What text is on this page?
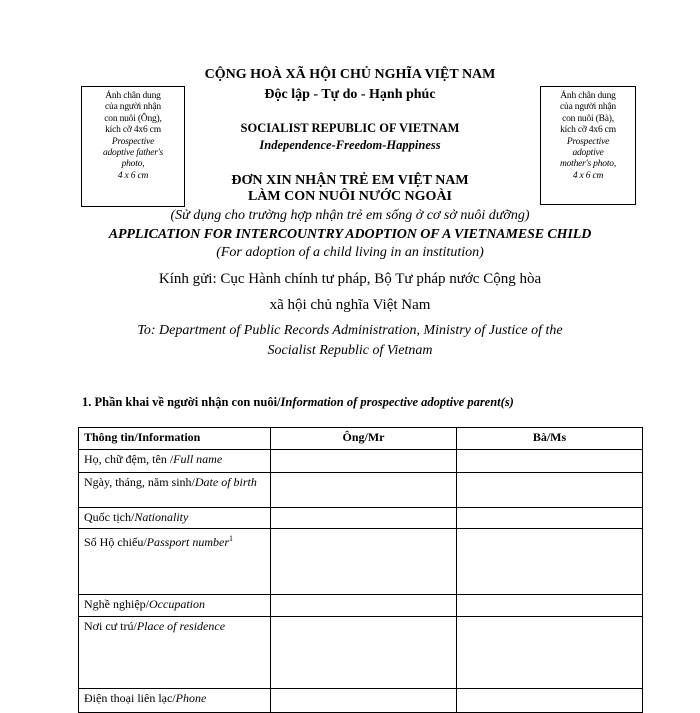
CỘNG HOÀ XÃ HỘI CHỦ NGHĨA VIỆT NAM
Độc lập - Tự do - Hạnh phúc
SOCIALIST REPUBLIC OF VIETNAM
Independence-Freedom-Happiness
Ảnh chân dung
của người nhận
con nuôi (Ông),
kích cỡ 4x6 cm
Prospective
adoptive father's
photo,
4 x 6 cm
Ảnh chân dung
của người nhận
con nuôi (Bà),
kích cỡ 4x6 cm
Prospective
adoptive
mother's photo,
4 x 6 cm
ĐƠN XIN NHẬN TRẺ EM VIỆT NAM
LÀM CON NUÔI NƯỚC NGOÀI
(Sử dụng cho trường hợp nhận trẻ em sống ở cơ sở nuôi dưỡng)
APPLICATION FOR INTERCOUNTRY ADOPTION OF A VIETNAMESE CHILD
(For adoption of a child living in an institution)
Kính gửi: Cục Hành chính tư pháp, Bộ Tư pháp nước Cộng hòa
xã hội chủ nghĩa Việt Nam
To: Department of Public Records Administration, Ministry of Justice of the
Socialist Republic of Vietnam
1. Phần khai về người nhận con nuôi/Information of prospective adoptive parent(s)
Thông tin/Information	Ông/Mr	Bà/Ms
Họ, chữ đệm, tên /Full name		
Ngày, tháng, năm sinh/Date of birth		
Quốc tịch/Nationality		
Số Hộ chiếu/Passport number$^1$		
Nghề nghiệp/Occupation		
Nơi cư trú/Place of residence		
Điện thoại liên lạc/Phone		
